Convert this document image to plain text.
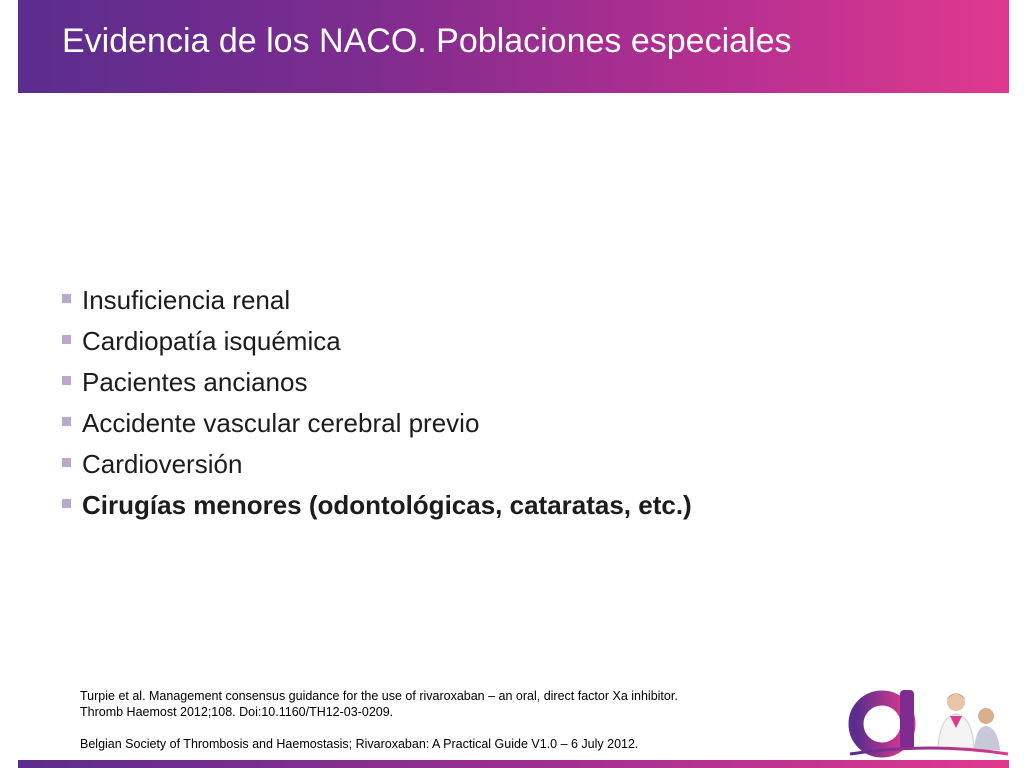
Evidencia de los NACO. Poblaciones especiales
Insuficiencia renal
Cardiopatía isquémica
Pacientes ancianos
Accidente vascular cerebral previo
Cardioversión
Cirugías menores (odontológicas, cataratas, etc.)

Turpie et al. Management consensus guidance for the use of rivaroxaban – an oral, direct factor Xa inhibitor.

Thromb Haemost 2012;108. Doi:10.1160/TH12-03-0209.

Belgian Society of Thrombosis and Haemostasis; Rivaroxaban: A Practical Guide V1.0 – 6 July 2012.
